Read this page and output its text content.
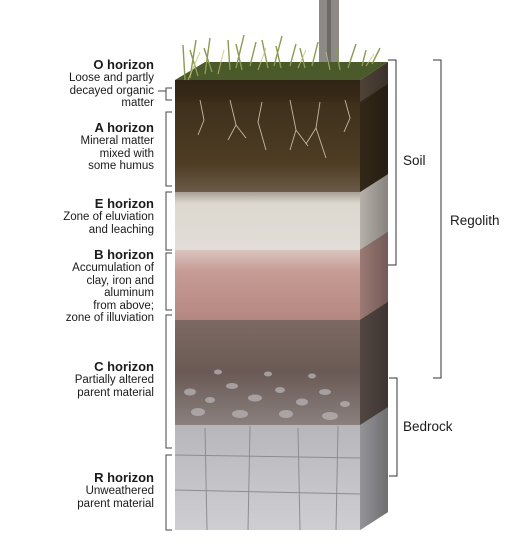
O horizon
Loose and partly
decayed organic
matter
A horizon
Mineral matter
mixed with
some humus
E horizon
Zone of eluviation
and leaching
B horizon
Accumulation of
clay, iron and
aluminum
from above;
zone of illuviation
C horizon
Partially altered
parent material
R horizon
Unweathered
parent material
Soil
Regolith
Bedrock
